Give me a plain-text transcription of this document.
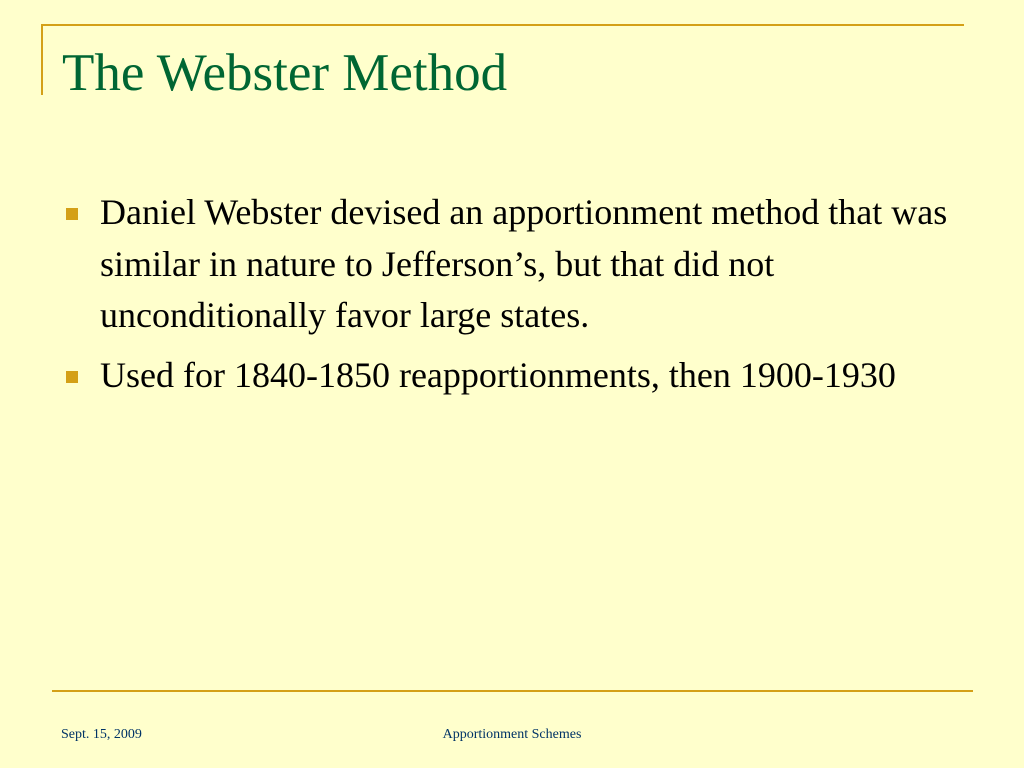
The Webster Method
Daniel Webster devised an apportionment method that was similar in nature to Jefferson’s, but that did not unconditionally favor large states.
Used for 1840-1850 reapportionments, then 1900-1930
Sept. 15, 2009	Apportionment Schemes
